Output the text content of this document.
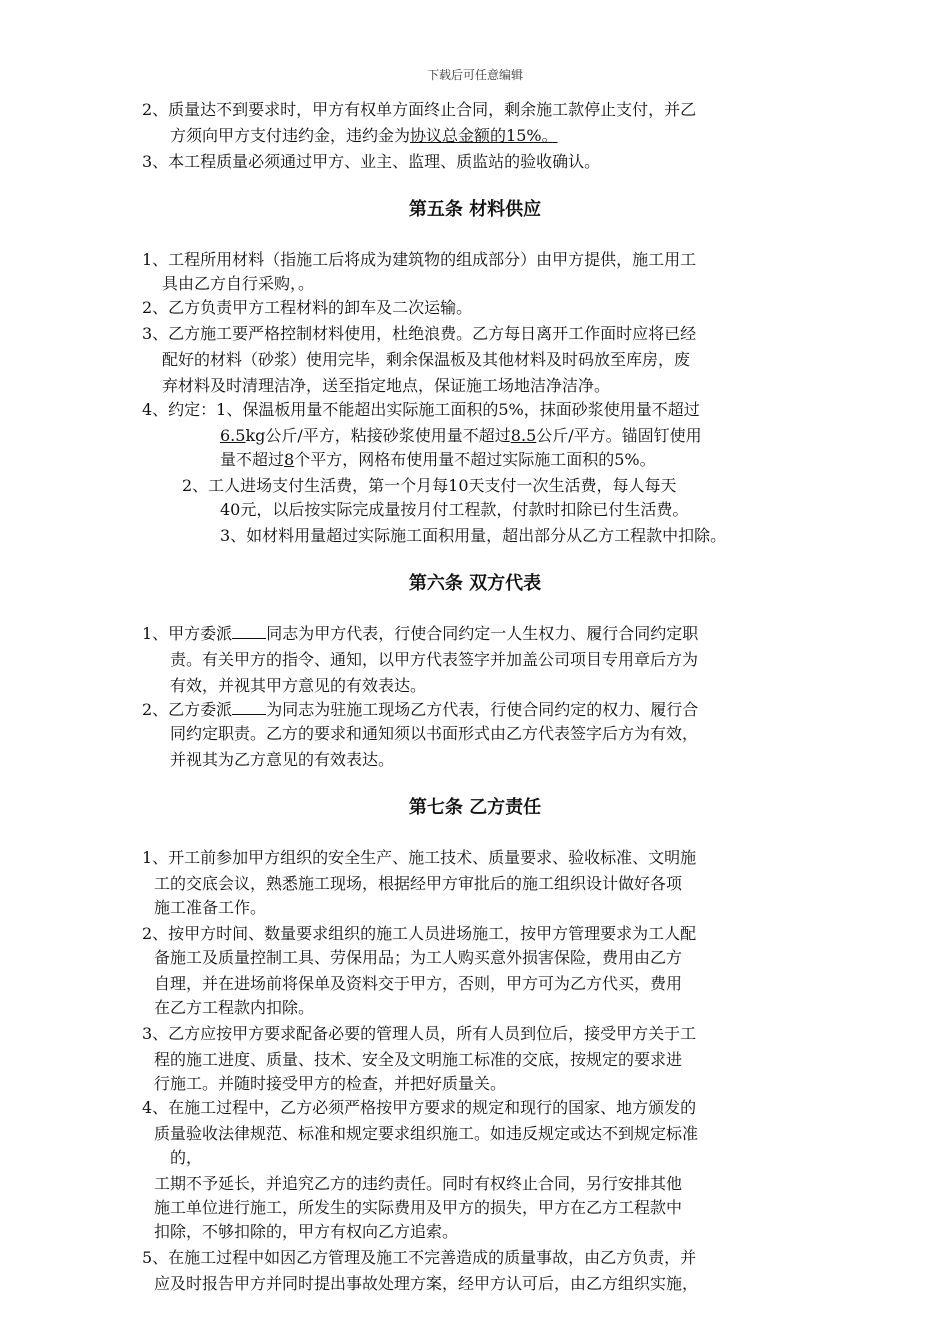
下载后可任意编辑
2、质量达不到要求时，甲方有权单方面终止合同，剩余施工款停止支付，并乙
方须向甲方支付违约金，违约金为协议总金额的15%。
3、本工程质量必须通过甲方、业主、监理、质监站的验收确认。
第五条 材料供应
1、工程所用材料（指施工后将成为建筑物的组成部分）由甲方提供，施工用工
具由乙方自行采购，。
2、乙方负责甲方工程材料的卸车及二次运输。
3、乙方施工要严格控制材料使用，杜绝浪费。乙方每日离开工作面时应将已经
配好的材料（砂浆）使用完毕，剩余保温板及其他材料及时码放至库房，废
弃材料及时清理洁净，送至指定地点，保证施工场地洁净洁净。
4、约定：1、保温板用量不能超出实际施工面积的5%，抹面砂浆使用量不超过
6.5kg公斤/平方，粘接砂浆使用量不超过8.5公斤/平方。锚固钉使用
量不超过8个平方，网格布使用量不超过实际施工面积的5%。
2、工人进场支付生活费，第一个月每10天支付一次生活费，每人每天
40元，以后按实际完成量按月付工程款，付款时扣除已付生活费。
3、如材料用量超过实际施工面积用量，超出部分从乙方工程款中扣除。
第六条 双方代表
1、甲方委派 同志为甲方代表，行使合同约定一人生权力、履行合同约定职
责。有关甲方的指令、通知，以甲方代表签字并加盖公司项目专用章后方为
有效，并视其甲方意见的有效表达。
2、乙方委派 为同志为驻施工现场乙方代表，行使合同约定的权力、履行合
同约定职责。乙方的要求和通知须以书面形式由乙方代表签字后方为有效，
并视其为乙方意见的有效表达。
第七条 乙方责任
1、开工前参加甲方组织的安全生产、施工技术、质量要求、验收标准、文明施
工的交底会议，熟悉施工现场，根据经甲方审批后的施工组织设计做好各项
施工准备工作。
2、按甲方时间、数量要求组织的施工人员进场施工，按甲方管理要求为工人配
备施工及质量控制工具、劳保用品；为工人购买意外损害保险，费用由乙方
自理，并在进场前将保单及资料交于甲方，否则，甲方可为乙方代买，费用
在乙方工程款内扣除。
3、乙方应按甲方要求配备必要的管理人员，所有人员到位后，接受甲方关于工
程的施工进度、质量、技术、安全及文明施工标准的交底，按规定的要求进
行施工。并随时接受甲方的检查，并把好质量关。
4、在施工过程中，乙方必须严格按甲方要求的规定和现行的国家、地方颁发的
质量验收法律规范、标准和规定要求组织施工。如违反规定或达不到规定标准
的，
工期不予延长，并追究乙方的违约责任。同时有权终止合同，另行安排其他
施工单位进行施工，所发生的实际费用及甲方的损失，甲方在乙方工程款中
扣除，不够扣除的，甲方有权向乙方追索。
5、在施工过程中如因乙方管理及施工不完善造成的质量事故，由乙方负责，并
应及时报告甲方并同时提出事故处理方案，经甲方认可后，由乙方组织实施，
